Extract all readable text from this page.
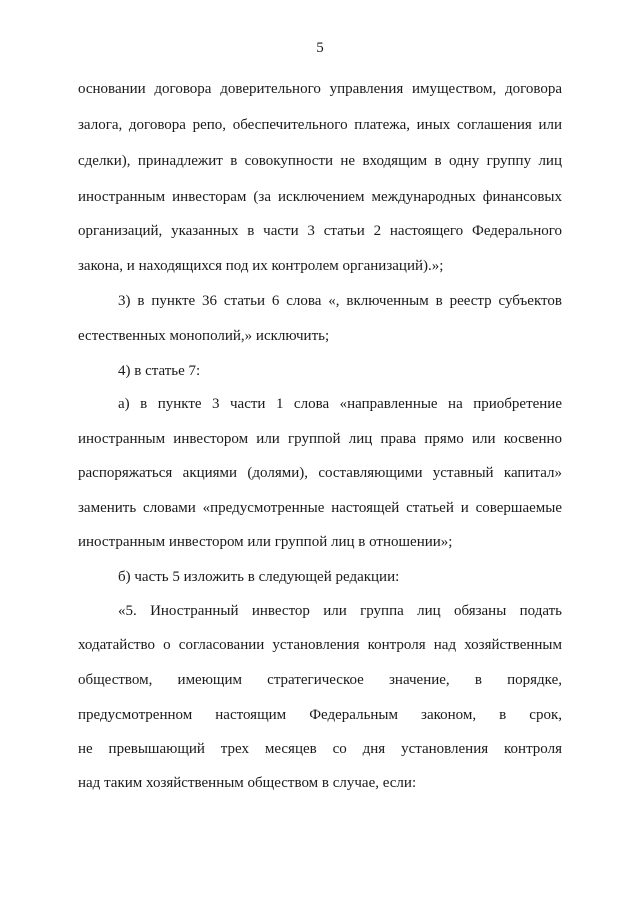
5
основании договора доверительного управления имуществом, договора
залога, договора репо, обеспечительного платежа, иных соглашения или
сделки), принадлежит в совокупности не входящим в одну группу лиц
иностранным инвесторам (за исключением международных финансовых
организаций, указанных в части 3 статьи 2 настоящего Федерального
закона, и находящихся под их контролем организаций).»;
3) в пункте 36 статьи 6 слова «, включенным в реестр субъектов
естественных монополий,» исключить;
4) в статье 7:
а) в пункте 3 части 1 слова «направленные на приобретение
иностранным инвестором или группой лиц права прямо или косвенно
распоряжаться акциями (долями), составляющими уставный капитал»
заменить словами «предусмотренные настоящей статьей и совершаемые
иностранным инвестором или группой лиц в отношении»;
б) часть 5 изложить в следующей редакции:
«5. Иностранный инвестор или группа лиц обязаны подать
ходатайство о согласовании установления контроля над хозяйственным
обществом, имеющим стратегическое значение, в порядке,
предусмотренном настоящим Федеральным законом, в срок,
не превышающий трех месяцев со дня установления контроля
над таким хозяйственным обществом в случае, если:
